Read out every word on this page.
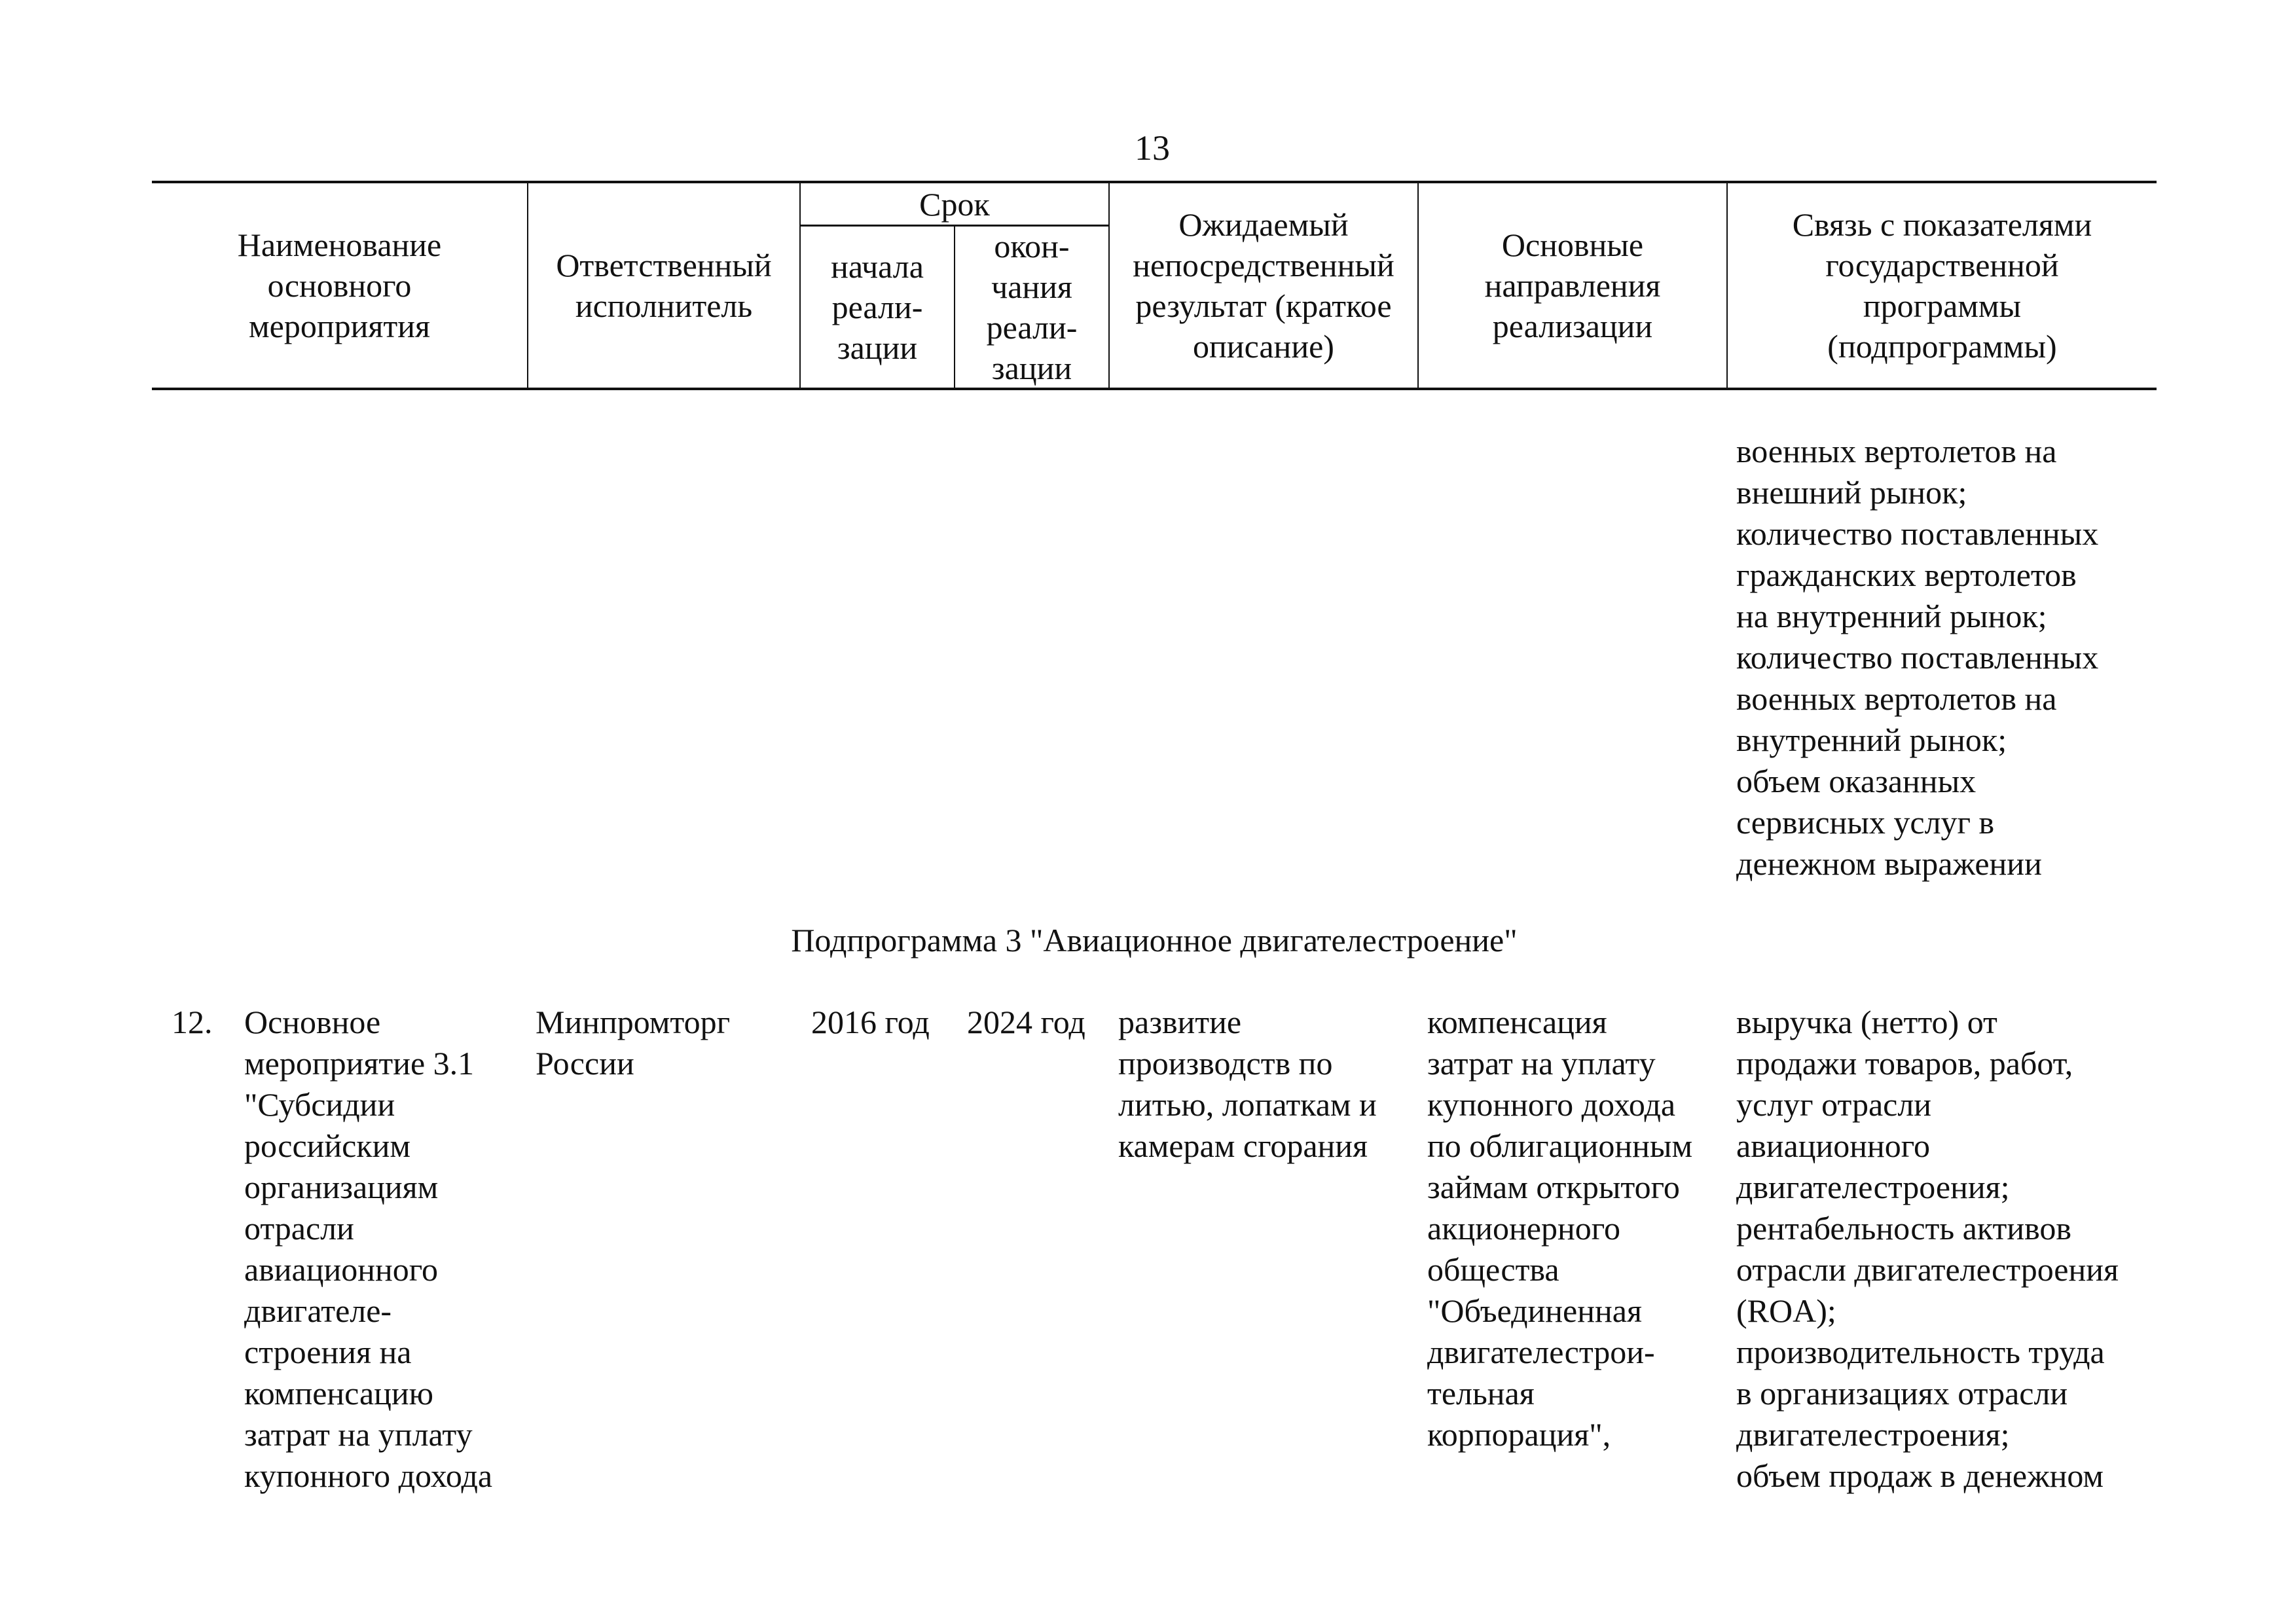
13
Наименование
основного
мероприятия
Ответственный
исполнитель
Срок
начала
реали-
зации
окон-
чания
реали-
зации
Ожидаемый
непосредственный
результат (краткое
описание)
Основные
направления
реализации
Связь с показателями
государственной
программы
(подпрограммы)
военных вертолетов на
внешний рынок;
количество поставленных
гражданских вертолетов
на внутренний рынок;
количество поставленных
военных вертолетов на
внутренний рынок;
объем оказанных
сервисных услуг в
денежном выражении
Подпрограмма 3 "Авиационное двигателестроение"
12. Основное
мероприятие 3.1
"Субсидии
российским
организациям
отрасли
авиационного
двигателе-
строения на
компенсацию
затрат на уплату
купонного дохода
Минпромторг
России
2016 год 2024 год развитие
производств по
литью, лопаткам и
камерам сгорания
компенсация
затрат на уплату
купонного дохода
по облигационным
займам открытого
акционерного
общества
"Объединенная
двигателестрои-
тельная
корпорация",
выручка (нетто) от
продажи товаров, работ,
услуг отрасли
авиационного
двигателестроения;
рентабельность активов
отрасли двигателестроения
(ROA);
производительность труда
в организациях отрасли
двигателестроения;
объем продаж в денежном
